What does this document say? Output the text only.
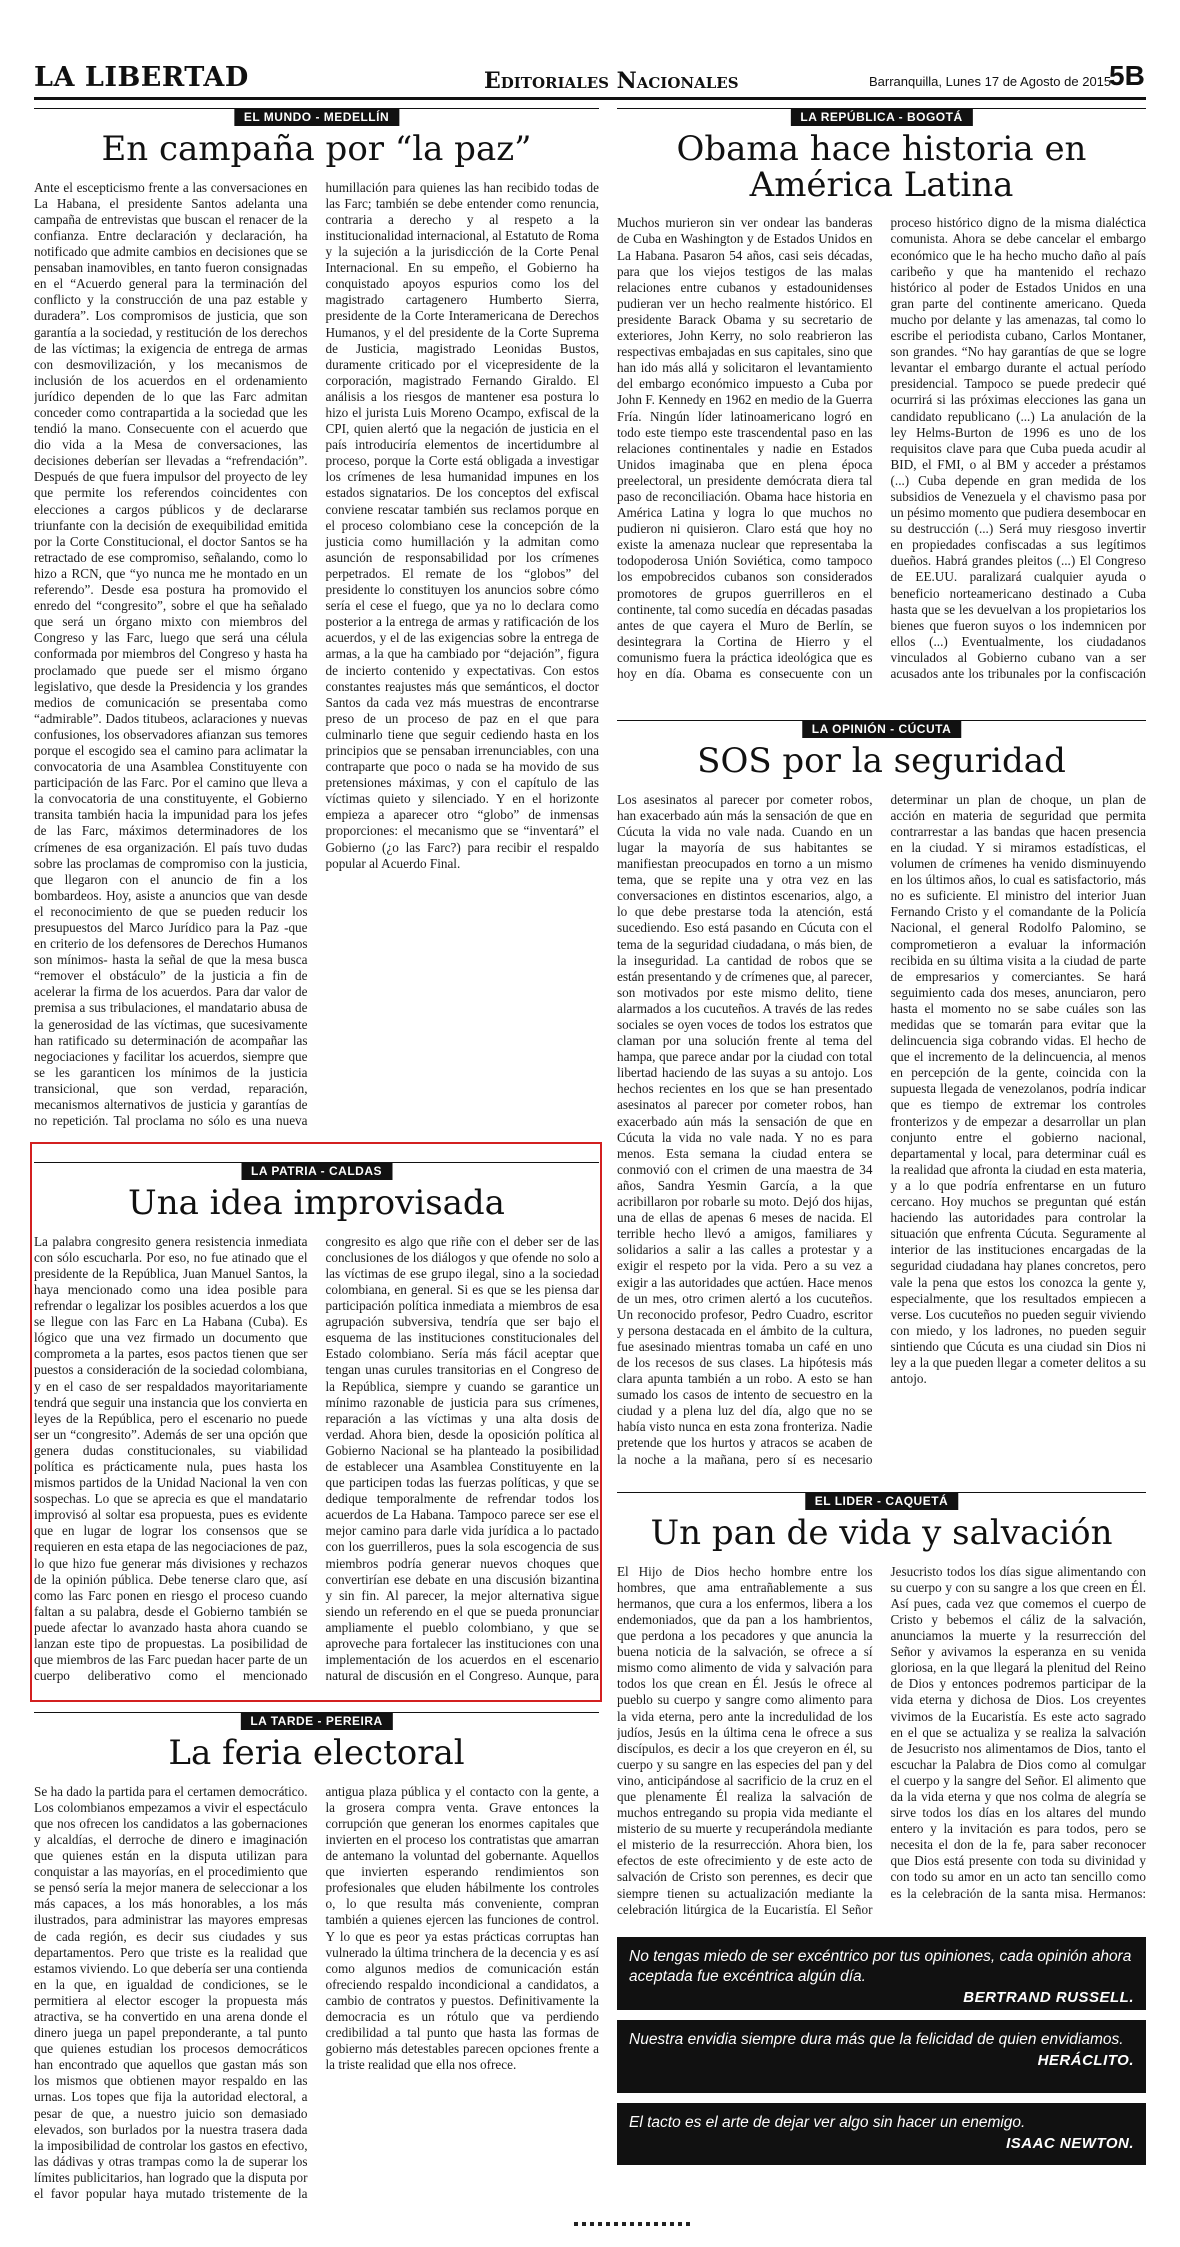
LA LIBERTAD	Editoriales Nacionales	Barranquilla, Lunes 17 de Agosto de 2015
5B
EL MUNDO - MEDELLÍN
En campaña por “la paz”
Ante el escepticismo frente a las conversaciones en La Habana, el presidente Santos adelanta una campaña de entrevistas que buscan el renacer de la confianza. Entre declaración y declaración, ha notificado que admite cambios en decisiones que se pensaban inamovibles, en tanto fueron consignadas en el “Acuerdo general para la terminación del conflicto y la construcción de una paz estable y duradera”. Los compromisos de justicia, que son garantía a la sociedad, y restitución de los derechos de las víctimas; la exigencia de entrega de armas con desmovilización, y los mecanismos de inclusión de los acuerdos en el ordenamiento jurídico dependen de lo que las Farc admitan conceder como contrapartida a la sociedad que les tendió la mano. Consecuente con el acuerdo que dio vida a la Mesa de conversaciones, las decisiones deberían ser llevadas a “refrendación”. Después de que fuera impulsor del proyecto de ley que permite los referendos coincidentes con elecciones a cargos públicos y de declararse triunfante con la decisión de exequibilidad emitida por la Corte Constitucional, el doctor Santos se ha retractado de ese compromiso, señalando, como lo hizo a RCN, que “yo nunca me he montado en un referendo”. Desde esa postura ha promovido el enredo del “congresito”, sobre el que ha señalado que será un órgano mixto con miembros del Congreso y las Farc, luego que será una célula conformada por miembros del Congreso y hasta ha proclamado que puede ser el mismo órgano legislativo, que desde la Presidencia y los grandes medios de comunicación se presentaba como “admirable”. Dados titubeos, aclaraciones y nuevas confusiones, los observadores afianzan sus temores porque el escogido sea el camino para aclimatar la convocatoria de una Asamblea Constituyente con participación de las Farc. Por el camino que lleva a la convocatoria de una constituyente, el Gobierno transita también hacia la impunidad para los jefes de las Farc, máximos determinadores de los crímenes de esa organización. El país tuvo dudas sobre las proclamas de compromiso con la justicia, que llegaron con el anuncio de fin a los bombardeos. Hoy, asiste a anuncios que van desde el reconocimiento de que se pueden reducir los presupuestos del Marco Jurídico para la Paz -que en criterio de los defensores de Derechos Humanos son mínimos- hasta la señal de que la mesa busca “remover el obstáculo” de la justicia a fin de acelerar la firma de los acuerdos. Para dar valor de premisa a sus tribulaciones, el mandatario abusa de la generosidad de las víctimas, que sucesivamente han ratificado su determinación de acompañar las negociaciones y facilitar los acuerdos, siempre que se les garanticen los mínimos de la justicia transicional, que son verdad, reparación, mecanismos alternativos de justicia y garantías de no repetición. Tal proclama no sólo es una nueva humillación para quienes las han recibido todas de las Farc; también se debe entender como renuncia, contraria a derecho y al respeto a la institucionalidad internacional, al Estatuto de Roma y la sujeción a la jurisdicción de la Corte Penal Internacional. En su empeño, el Gobierno ha conquistado apoyos espurios como los del magistrado cartagenero Humberto Sierra, presidente de la Corte Interamericana de Derechos Humanos, y el del presidente de la Corte Suprema de Justicia, magistrado Leonidas Bustos, duramente criticado por el vicepresidente de la corporación, magistrado Fernando Giraldo. El análisis a los riesgos de mantener esa postura lo hizo el jurista Luis Moreno Ocampo, exfiscal de la CPI, quien alertó que la negación de justicia en el país introduciría elementos de incertidumbre al proceso, porque la Corte está obligada a investigar los crímenes de lesa humanidad impunes en los estados signatarios. De los conceptos del exfiscal conviene rescatar también sus reclamos porque en el proceso colombiano cese la concepción de la justicia como humillación y la admitan como asunción de responsabilidad por los crímenes perpetrados. El remate de los “globos” del presidente lo constituyen los anuncios sobre cómo sería el cese el fuego, que ya no lo declara como posterior a la entrega de armas y ratificación de los acuerdos, y el de las exigencias sobre la entrega de armas, a la que ha cambiado por “dejación”, figura de incierto contenido y expectativas. Con estos constantes reajustes más que semánticos, el doctor Santos da cada vez más muestras de encontrarse preso de un proceso de paz en el que para culminarlo tiene que seguir cediendo hasta en los principios que se pensaban irrenunciables, con una contraparte que poco o nada se ha movido de sus pretensiones máximas, y con el capítulo de las víctimas quieto y silenciado. Y en el horizonte empieza a aparecer otro “globo” de inmensas proporciones: el mecanismo que se “inventará” el Gobierno (¿o las Farc?) para recibir el respaldo popular al Acuerdo Final.
LA REPÚBLICA - BOGOTÁ
Obama hace historia en América Latina
Muchos murieron sin ver ondear las banderas de Cuba en Washington y de Estados Unidos en La Habana. Pasaron 54 años, casi seis décadas, para que los viejos testigos de las malas relaciones entre cubanos y estadounidenses pudieran ver un hecho realmente histórico. El presidente Barack Obama y su secretario de exteriores, John Kerry, no solo reabrieron las respectivas embajadas en sus capitales, sino que han ido más allá y solicitaron el levantamiento del embargo económico impuesto a Cuba por John F. Kennedy en 1962 en medio de la Guerra Fría. Ningún líder latinoamericano logró en todo este tiempo este trascendental paso en las relaciones continentales y nadie en Estados Unidos imaginaba que en plena época preelectoral, un presidente demócrata diera tal paso de reconciliación. Obama hace historia en América Latina y logra lo que muchos no pudieron ni quisieron. Claro está que hoy no existe la amenaza nuclear que representaba la todopoderosa Unión Soviética, como tampoco los empobrecidos cubanos son considerados promotores de grupos guerrilleros en el continente, tal como sucedía en décadas pasadas antes de que cayera el Muro de Berlín, se desintegrara la Cortina de Hierro y el comunismo fuera la práctica ideológica que es hoy en día. Obama es consecuente con un proceso histórico digno de la misma dialéctica comunista. Ahora se debe cancelar el embargo económico que le ha hecho mucho daño al país caribeño y que ha mantenido el rechazo histórico al poder de Estados Unidos en una gran parte del continente americano. Queda mucho por delante y las amenazas, tal como lo escribe el periodista cubano, Carlos Montaner, son grandes. “No hay garantías de que se logre levantar el embargo durante el actual período presidencial. Tampoco se puede predecir qué ocurrirá si las próximas elecciones las gana un candidato republicano (...) La anulación de la ley Helms-Burton de 1996 es uno de los requisitos clave para que Cuba pueda acudir al BID, el FMI, o al BM y acceder a préstamos (...) Cuba depende en gran medida de los subsidios de Venezuela y el chavismo pasa por un pésimo momento que pudiera desembocar en su destrucción (...) Será muy riesgoso invertir en propiedades confiscadas a sus legítimos dueños. Habrá grandes pleitos (...) El Congreso de EE.UU. paralizará cualquier ayuda o beneficio norteamericano destinado a Cuba hasta que se les devuelvan a los propietarios los bienes que fueron suyos o los indemnicen por ellos (...) Eventualmente, los ciudadanos vinculados al Gobierno cubano van a ser acusados ante los tribunales por la confiscación
LA OPINIÓN - CÚCUTA
SOS por la seguridad
Los asesinatos al parecer por cometer robos, han exacerbado aún más la sensación de que en Cúcuta la vida no vale nada. Cuando en un lugar la mayoría de sus habitantes se manifiestan preocupados en torno a un mismo tema, que se repite una y otra vez en las conversaciones en distintos escenarios, algo, a lo que debe prestarse toda la atención, está sucediendo. Eso está pasando en Cúcuta con el tema de la seguridad ciudadana, o más bien, de la inseguridad. La cantidad de robos que se están presentando y de crímenes que, al parecer, son motivados por este mismo delito, tiene alarmados a los cucuteños. A través de las redes sociales se oyen voces de todos los estratos que claman por una solución frente al tema del hampa, que parece andar por la ciudad con total libertad haciendo de las suyas a su antojo. Los hechos recientes en los que se han presentado asesinatos al parecer por cometer robos, han exacerbado aún más la sensación de que en Cúcuta la vida no vale nada. Y no es para menos. Esta semana la ciudad entera se conmovió con el crimen de una maestra de 34 años, Sandra Yesmin García, a la que acribillaron por robarle su moto. Dejó dos hijas, una de ellas de apenas 6 meses de nacida. El terrible hecho llevó a amigos, familiares y solidarios a salir a las calles a protestar y a exigir el respeto por la vida. Pero a su vez a exigir a las autoridades que actúen. Hace menos de un mes, otro crimen alertó a los cucuteños. Un reconocido profesor, Pedro Cuadro, escritor y persona destacada en el ámbito de la cultura, fue asesinado mientras tomaba un café en uno de los recesos de sus clases. La hipótesis más clara apunta también a un robo. A esto se han sumado los casos de intento de secuestro en la ciudad y a plena luz del día, algo que no se había visto nunca en esta zona fronteriza. Nadie pretende que los hurtos y atracos se acaben de la noche a la mañana, pero sí es necesario determinar un plan de choque, un plan de acción en materia de seguridad que permita contrarrestar a las bandas que hacen presencia en la ciudad. Y si miramos estadísticas, el volumen de crímenes ha venido disminuyendo en los últimos años, lo cual es satisfactorio, más no es suficiente. El ministro del interior Juan Fernando Cristo y el comandante de la Policía Nacional, el general Rodolfo Palomino, se comprometieron a evaluar la información recibida en su última visita a la ciudad de parte de empresarios y comerciantes. Se hará seguimiento cada dos meses, anunciaron, pero hasta el momento no se sabe cuáles son las medidas que se tomarán para evitar que la delincuencia siga cobrando vidas. El hecho de que el incremento de la delincuencia, al menos en percepción de la gente, coincida con la supuesta llegada de venezolanos, podría indicar que es tiempo de extremar los controles fronterizos y de empezar a desarrollar un plan conjunto entre el gobierno nacional, departamental y local, para determinar cuál es la realidad que afronta la ciudad en esta materia, y a lo que podría enfrentarse en un futuro cercano. Hoy muchos se preguntan qué están haciendo las autoridades para controlar la situación que enfrenta Cúcuta. Seguramente al interior de las instituciones encargadas de la seguridad ciudadana hay planes concretos, pero vale la pena que estos los conozca la gente y, especialmente, que los resultados empiecen a verse. Los cucuteños no pueden seguir viviendo con miedo, y los ladrones, no pueden seguir sintiendo que Cúcuta es una ciudad sin Dios ni ley a la que pueden llegar a cometer delitos a su antojo.
LA PATRIA - CALDAS
Una idea improvisada
La palabra congresito genera resistencia inmediata con sólo escucharla. Por eso, no fue atinado que el presidente de la República, Juan Manuel Santos, la haya mencionado como una idea posible para refrendar o legalizar los posibles acuerdos a los que se llegue con las Farc en La Habana (Cuba). Es lógico que una vez firmado un documento que comprometa a la partes, esos pactos tienen que ser puestos a consideración de la sociedad colombiana, y en el caso de ser respaldados mayoritariamente tendrá que seguir una instancia que los convierta en leyes de la República, pero el escenario no puede ser un “congresito”. Además de ser una opción que genera dudas constitucionales, su viabilidad política es prácticamente nula, pues hasta los mismos partidos de la Unidad Nacional la ven con sospechas. Lo que se aprecia es que el mandatario improvisó al soltar esa propuesta, pues es evidente que en lugar de lograr los consensos que se requieren en esta etapa de las negociaciones de paz, lo que hizo fue generar más divisiones y rechazos de la opinión pública. Debe tenerse claro que, así como las Farc ponen en riesgo el proceso cuando faltan a su palabra, desde el Gobierno también se puede afectar lo avanzado hasta ahora cuando se lanzan este tipo de propuestas. La posibilidad de que miembros de las Farc puedan hacer parte de un cuerpo deliberativo como el mencionado congresito es algo que riñe con el deber ser de las conclusiones de los diálogos y que ofende no solo a las víctimas de ese grupo ilegal, sino a la sociedad colombiana, en general. Si es que se les piensa dar participación política inmediata a miembros de esa agrupación subversiva, tendría que ser bajo el esquema de las instituciones constitucionales del Estado colombiano. Sería más fácil aceptar que tengan unas curules transitorias en el Congreso de la República, siempre y cuando se garantice un mínimo razonable de justicia para sus crímenes, reparación a las víctimas y una alta dosis de verdad. Ahora bien, desde la oposición política al Gobierno Nacional se ha planteado la posibilidad de establecer una Asamblea Constituyente en la que participen todas las fuerzas políticas, y que se dedique temporalmente de refrendar todos los acuerdos de La Habana. Tampoco parece ser ese el mejor camino para darle vida jurídica a lo pactado con los guerrilleros, pues la sola escogencia de sus miembros podría generar nuevos choques que convertirían ese debate en una discusión bizantina y sin fin. Al parecer, la mejor alternativa sigue siendo un referendo en el que se pueda pronunciar ampliamente el pueblo colombiano, y que se aproveche para fortalecer las instituciones con una implementación de los acuerdos en el escenario natural de discusión en el Congreso. Aunque, para
LA TARDE - PEREIRA
La feria electoral
Se ha dado la partida para el certamen democrático. Los colombianos empezamos a vivir el espectáculo que nos ofrecen los candidatos a las gobernaciones y alcaldías, el derroche de dinero e imaginación que quienes están en la disputa utilizan para conquistar a las mayorías, en el procedimiento que se pensó sería la mejor manera de seleccionar a los más capaces, a los más honorables, a los más ilustrados, para administrar las mayores empresas de cada región, es decir sus ciudades y sus departamentos. Pero que triste es la realidad que estamos viviendo. Lo que debería ser una contienda en la que, en igualdad de condiciones, se le permitiera al elector escoger la propuesta más atractiva, se ha convertido en una arena donde el dinero juega un papel preponderante, a tal punto que quienes estudian los procesos democráticos han encontrado que aquellos que gastan más son los mismos que obtienen mayor respaldo en las urnas. Los topes que fija la autoridad electoral, a pesar de que, a nuestro juicio son demasiado elevados, son burlados por la nuestra trasera dada la imposibilidad de controlar los gastos en efectivo, las dádivas y otras trampas como la de superar los límites publicitarios, han logrado que la disputa por el favor popular haya mutado tristemente de la antigua plaza pública y el contacto con la gente, a la grosera compra venta. Grave entonces la corrupción que generan los enormes capitales que invierten en el proceso los contratistas que amarran de antemano la voluntad del gobernante. Aquellos que invierten esperando rendimientos son profesionales que eluden hábilmente los controles o, lo que resulta más conveniente, compran también a quienes ejercen las funciones de control. Y lo que es peor ya estas prácticas corruptas han vulnerado la última trinchera de la decencia y es así como algunos medios de comunicación están ofreciendo respaldo incondicional a candidatos, a cambio de contratos y puestos. Definitivamente la democracia es un rótulo que va perdiendo credibilidad a tal punto que hasta las formas de gobierno más detestables parecen opciones frente a la triste realidad que ella nos ofrece.
EL LIDER - CAQUETÁ
Un pan de vida y salvación
El Hijo de Dios hecho hombre entre los hombres, que ama entrañablemente a sus hermanos, que cura a los enfermos, libera a los endemoniados, que da pan a los hambrientos, que perdona a los pecadores y que anuncia la buena noticia de la salvación, se ofrece a sí mismo como alimento de vida y salvación para todos los que crean en Él. Jesús le ofrece al pueblo su cuerpo y sangre como alimento para la vida eterna, pero ante la incredulidad de los judíos, Jesús en la última cena le ofrece a sus discípulos, es decir a los que creyeron en él, su cuerpo y su sangre en las especies del pan y del vino, anticipándose al sacrificio de la cruz en el que plenamente Él realiza la salvación de muchos entregando su propia vida mediante el misterio de su muerte y recuperándola mediante el misterio de la resurrección. Ahora bien, los efectos de este ofrecimiento y de este acto de salvación de Cristo son perennes, es decir que siempre tienen su actualización mediante la celebración litúrgica de la Eucaristía. El Señor Jesucristo todos los días sigue alimentando con su cuerpo y con su sangre a los que creen en Él. Así pues, cada vez que comemos el cuerpo de Cristo y bebemos el cáliz de la salvación, anunciamos la muerte y la resurrección del Señor y avivamos la esperanza en su venida gloriosa, en la que llegará la plenitud del Reino de Dios y entonces podremos participar de la vida eterna y dichosa de Dios. Los creyentes vivimos de la Eucaristía. Es este acto sagrado en el que se actualiza y se realiza la salvación de Jesucristo nos alimentamos de Dios, tanto el escuchar la Palabra de Dios como al comulgar el cuerpo y la sangre del Señor. El alimento que da la vida eterna y que nos colma de alegría se sirve todos los días en los altares del mundo entero y la invitación es para todos, pero se necesita el don de la fe, para saber reconocer que Dios está presente con toda su divinidad y con todo su amor en un acto tan sencillo como es la celebración de la santa misa. Hermanos:
No tengas miedo de ser excéntrico por tus opiniones, cada opinión ahora aceptada fue excéntrica algún día.
BERTRAND RUSSELL.
Nuestra envidia siempre dura más que la felicidad de quien envidiamos.
HERÁCLITO.
El tacto es el arte de dejar ver algo sin hacer un enemigo.
ISAAC NEWTON.
